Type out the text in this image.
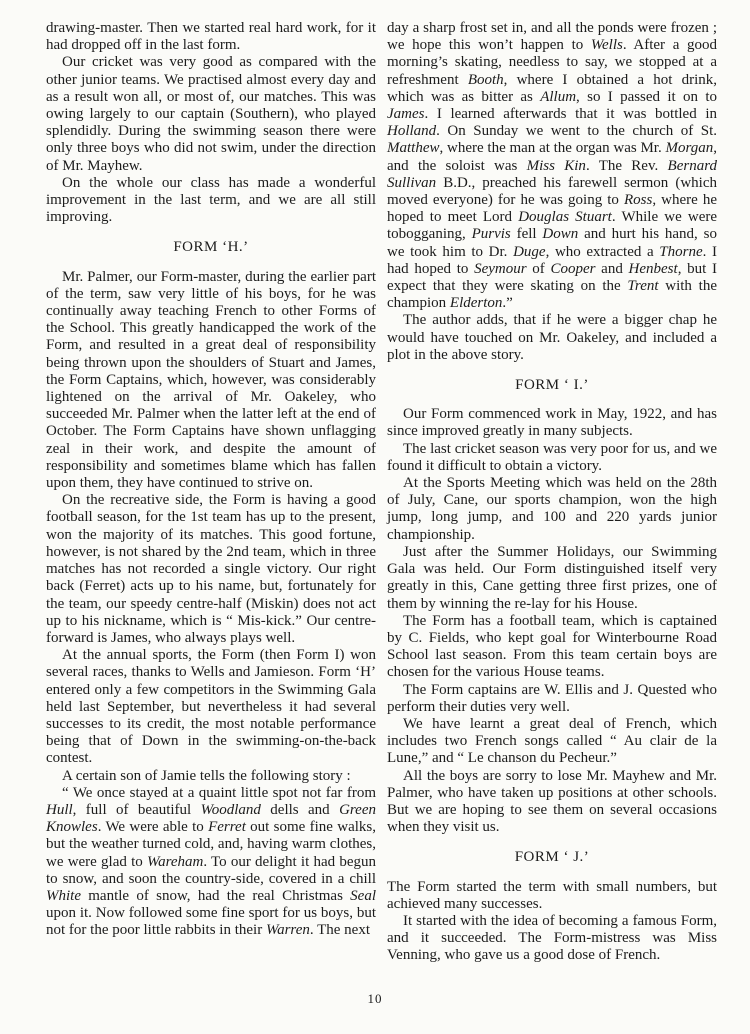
drawing-master. Then we started real hard work, for it had dropped off in the last form.

Our cricket was very good as compared with the other junior teams. We practised almost every day and as a result won all, or most of, our matches. This was owing largely to our captain (Southern), who played splendidly. During the swimming season there were only three boys who did not swim, under the direction of Mr. Mayhew.

On the whole our class has made a wonderful improvement in the last term, and we are all still improving.

FORM ‘H.’

Mr. Palmer, our Form-master, during the earlier part of the term, saw very little of his boys, for he was continually away teaching French to other Forms of the School. This greatly handicapped the work of the Form, and resulted in a great deal of responsibility being thrown upon the shoulders of Stuart and James, the Form Captains, which, however, was considerably lightened on the arrival of Mr. Oakeley, who succeeded Mr. Palmer when the latter left at the end of October. The Form Captains have shown unflagging zeal in their work, and despite the amount of responsibility and sometimes blame which has fallen upon them, they have continued to strive on.

On the recreative side, the Form is having a good football season, for the 1st team has up to the present, won the majority of its matches. This good fortune, however, is not shared by the 2nd team, which in three matches has not recorded a single victory. Our right back (Ferret) acts up to his name, but, fortunately for the team, our speedy centre-half (Miskin) does not act up to his nickname, which is “ Mis-kick.” Our centre-forward is James, who always plays well.

At the annual sports, the Form (then Form I) won several races, thanks to Wells and Jamieson. Form ‘H’ entered only a few competitors in the Swimming Gala held last September, but nevertheless it had several successes to its credit, the most notable performance being that of Down in the swimming-on-the-back contest.

A certain son of Jamie tells the following story :

“ We once stayed at a quaint little spot not far from Hull, full of beautiful Woodland dells and Green Knowles. We were able to Ferret out some fine walks, but the weather turned cold, and, having warm clothes, we were glad to Wareham. To our delight it had begun to snow, and soon the country-side, covered in a chill White mantle of snow, had the real Christmas Seal upon it. Now followed some fine sport for us boys, but not for the poor little rabbits in their Warren. The next

day a sharp frost set in, and all the ponds were frozen ; we hope this won’t happen to Wells. After a good morning’s skating, needless to say, we stopped at a refreshment Booth, where I obtained a hot drink, which was as bitter as Allum, so I passed it on to James. I learned afterwards that it was bottled in Holland. On Sunday we went to the church of St. Matthew, where the man at the organ was Mr. Morgan, and the soloist was Miss Kin. The Rev. Bernard Sullivan B.D., preached his farewell sermon (which moved everyone) for he was going to Ross, where he hoped to meet Lord Douglas Stuart. While we were tobogganing, Purvis fell Down and hurt his hand, so we took him to Dr. Duge, who extracted a Thorne. I had hoped to Seymour of Cooper and Henbest, but I expect that they were skating on the Trent with the champion Elderton.”

The author adds, that if he were a bigger chap he would have touched on Mr. Oakeley, and included a plot in the above story.

FORM ‘ I.’

Our Form commenced work in May, 1922, and has since improved greatly in many subjects.

The last cricket season was very poor for us, and we found it difficult to obtain a victory.

At the Sports Meeting which was held on the 28th of July, Cane, our sports champion, won the high jump, long jump, and 100 and 220 yards junior championship.

Just after the Summer Holidays, our Swimming Gala was held. Our Form distinguished itself very greatly in this, Cane getting three first prizes, one of them by winning the re-lay for his House.

The Form has a football team, which is captained by C. Fields, who kept goal for Winterbourne Road School last season. From this team certain boys are chosen for the various House teams.

The Form captains are W. Ellis and J. Quested who perform their duties very well.

We have learnt a great deal of French, which includes two French songs called “ Au clair de la Lune,” and “ Le chanson du Pecheur.”

All the boys are sorry to lose Mr. Mayhew and Mr. Palmer, who have taken up positions at other schools. But we are hoping to see them on several occasions when they visit us.

FORM ‘ J.’

The Form started the term with small numbers, but achieved many successes.

It started with the idea of becoming a famous Form, and it succeeded. The Form-mistress was Miss Venning, who gave us a good dose of French.

10
